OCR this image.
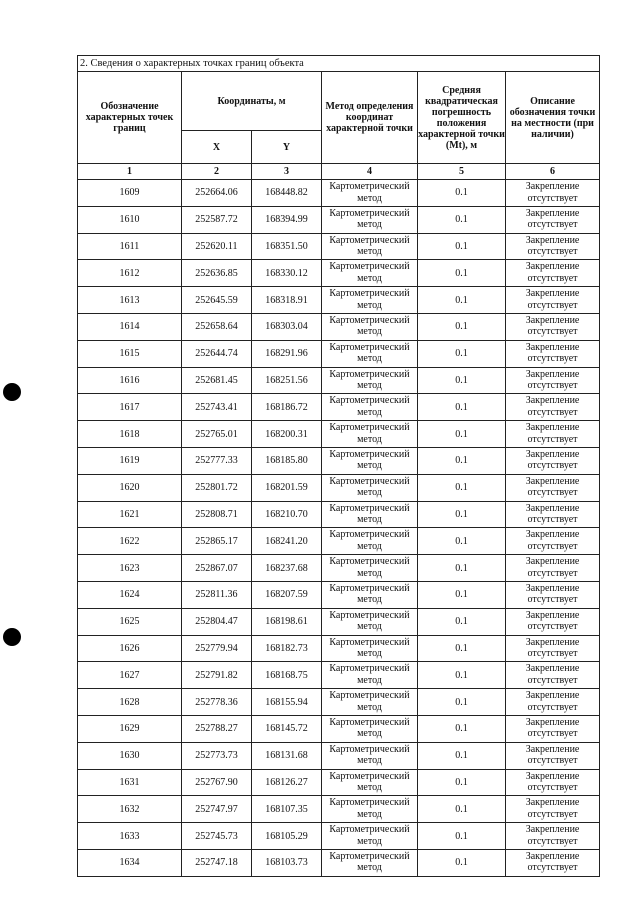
2. Сведения о характерных точках границ объекта					
Обозначение характерных точек границ	Координаты, м		Метод определения координат характерной точки	Средняя квадратическая погрешность положения характерной точки (Mt), м	Описание обозначения точки на местности (при наличии)
	X	Y			
1	2	3	4	5	6
1609	252664.06	168448.82	Картометрический метод	0.1	Закрепление отсутствует
1610	252587.72	168394.99	Картометрический метод	0.1	Закрепление отсутствует
1611	252620.11	168351.50	Картометрический метод	0.1	Закрепление отсутствует
1612	252636.85	168330.12	Картометрический метод	0.1	Закрепление отсутствует
1613	252645.59	168318.91	Картометрический метод	0.1	Закрепление отсутствует
1614	252658.64	168303.04	Картометрический метод	0.1	Закрепление отсутствует
1615	252644.74	168291.96	Картометрический метод	0.1	Закрепление отсутствует
1616	252681.45	168251.56	Картометрический метод	0.1	Закрепление отсутствует
1617	252743.41	168186.72	Картометрический метод	0.1	Закрепление отсутствует
1618	252765.01	168200.31	Картометрический метод	0.1	Закрепление отсутствует
1619	252777.33	168185.80	Картометрический метод	0.1	Закрепление отсутствует
1620	252801.72	168201.59	Картометрический метод	0.1	Закрепление отсутствует
1621	252808.71	168210.70	Картометрический метод	0.1	Закрепление отсутствует
1622	252865.17	168241.20	Картометрический метод	0.1	Закрепление отсутствует
1623	252867.07	168237.68	Картометрический метод	0.1	Закрепление отсутствует
1624	252811.36	168207.59	Картометрический метод	0.1	Закрепление отсутствует
1625	252804.47	168198.61	Картометрический метод	0.1	Закрепление отсутствует
1626	252779.94	168182.73	Картометрический метод	0.1	Закрепление отсутствует
1627	252791.82	168168.75	Картометрический метод	0.1	Закрепление отсутствует
1628	252778.36	168155.94	Картометрический метод	0.1	Закрепление отсутствует
1629	252788.27	168145.72	Картометрический метод	0.1	Закрепление отсутствует
1630	252773.73	168131.68	Картометрический метод	0.1	Закрепление отсутствует
1631	252767.90	168126.27	Картометрический метод	0.1	Закрепление отсутствует
1632	252747.97	168107.35	Картометрический метод	0.1	Закрепление отсутствует
1633	252745.73	168105.29	Картометрический метод	0.1	Закрепление отсутствует
1634	252747.18	168103.73	Картометрический метод	0.1	Закрепление отсутствует
